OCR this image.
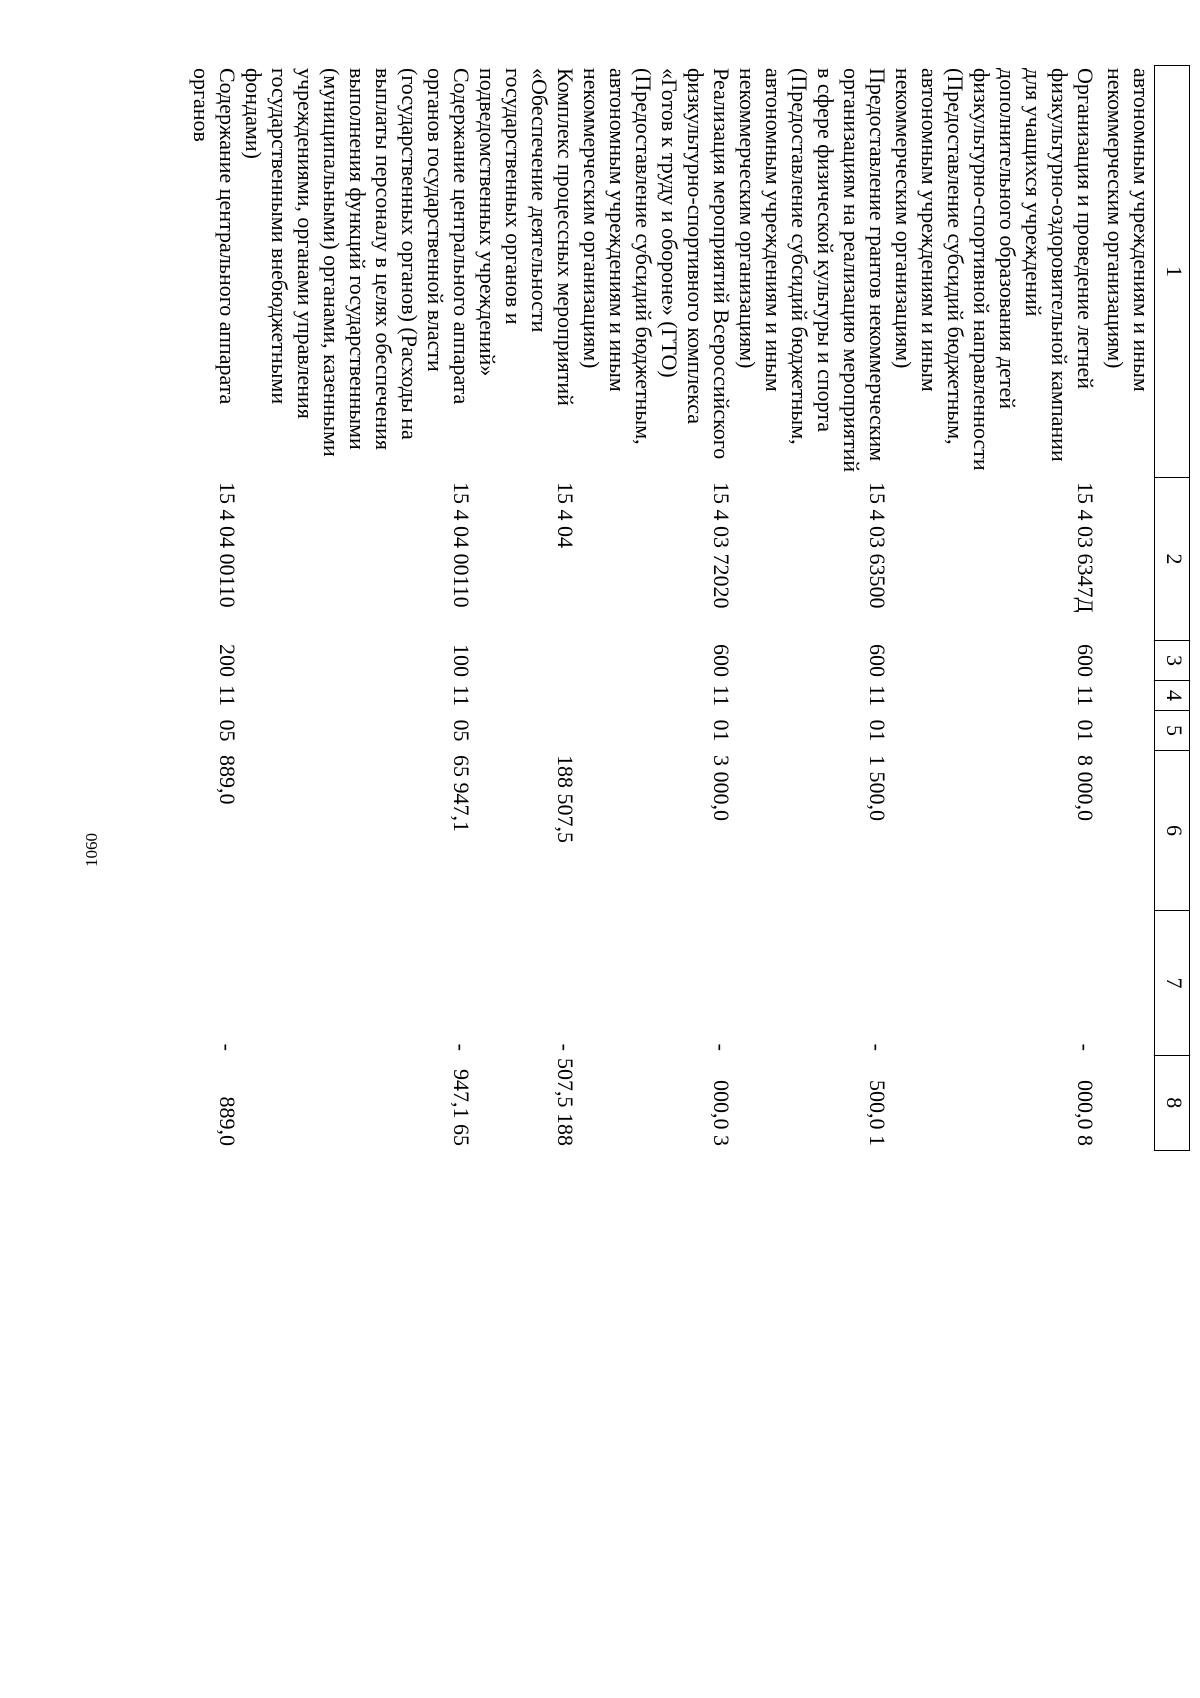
1060
1	2	3	4	5	6	7	8
автономным учреждениям и иным некоммерческим организациям)							
Организация и проведение летней физкультурно-оздоровительной кампании для учащихся учреждений дополнительного образования детей физкультурно-спортивной направленности (Предоставление субсидий бюджетным, автономным учреждениям и иным некоммерческим организациям)	15 4 03 6347Д	600	11	01	8 000,0	-	8 000,0
Предоставление грантов некоммерческим организациям на реализацию мероприятий в сфере физической культуры и спорта (Предоставление субсидий бюджетным, автономным учреждениям и иным некоммерческим организациям)	15 4 03 63500	600	11	01	1 500,0	-	1 500,0
Реализация мероприятий Всероссийского физкультурно-спортивного комплекса «Готов к труду и обороне» (ГТО) (Предоставление субсидий бюджетным, автономным учреждениям и иным некоммерческим организациям)	15 4 03 72020	600	11	01	3 000,0	-	3 000,0
Комплекс процессных мероприятий «Обеспечение деятельности государственных органов и подведомственных учреждений»	15 4 04				188 507,5	-	188 507,5
Содержание центрального аппарата органов государственной власти (государственных органов) (Расходы на выплаты персоналу в целях обеспечения выполнения функций государственными (муниципальными) органами, казенными учреждениями, органами управления государственными внебюджетными фондами)	15 4 04 00110	100	11	05	65 947,1	-	65 947,1
Содержание центрального аппарата органов	15 4 04 00110	200	11	05	889,0	-	889,0
